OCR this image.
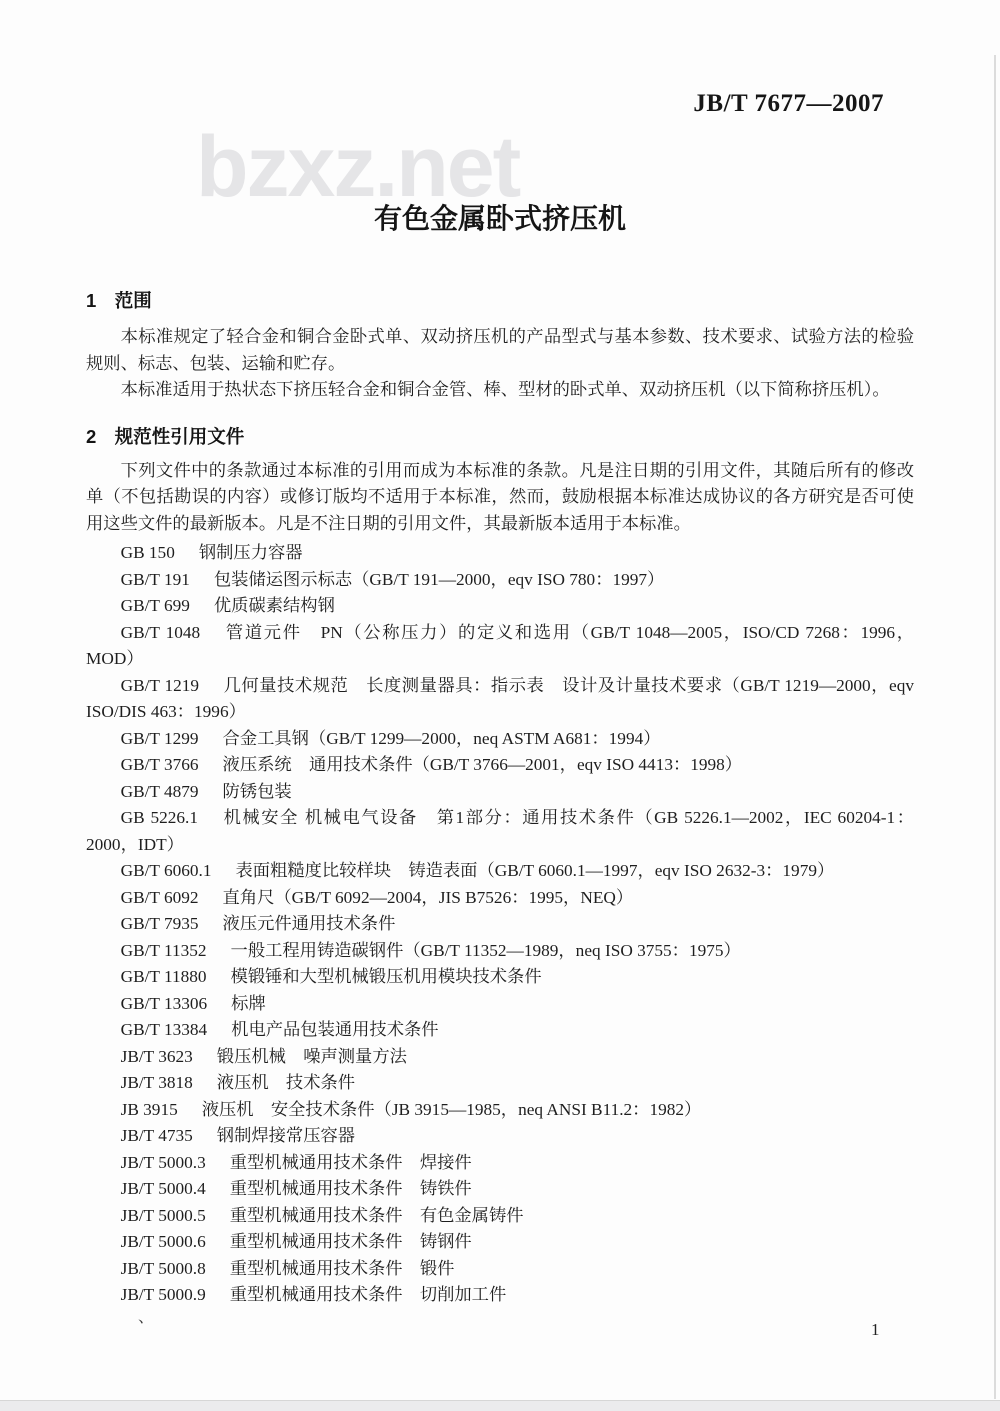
bzxz.net
JB/T 7677—2007
有色金属卧式挤压机
1　范围

本标准规定了轻合金和铜合金卧式单、双动挤压机的产品型式与基本参数、技术要求、试验方法的检验规则、标志、包装、运输和贮存。

本标准适用于热状态下挤压轻合金和铜合金管、棒、型材的卧式单、双动挤压机（以下简称挤压机）。

2　规范性引用文件

下列文件中的条款通过本标准的引用而成为本标准的条款。凡是注日期的引用文件，其随后所有的修改单（不包括勘误的内容）或修订版均不适用于本标准，然而，鼓励根据本标准达成协议的各方研究是否可使用这些文件的最新版本。凡是不注日期的引用文件，其最新版本适用于本标准。

GB 150 钢制压力容器

GB/T 191 包装储运图示标志（GB/T 191—2000，eqv ISO 780：1997）

GB/T 699 优质碳素结构钢

GB/T 1048 管道元件　PN（公称压力）的定义和选用（GB/T 1048—2005，ISO/CD 7268：1996，MOD）

GB/T 1219 几何量技术规范　长度测量器具：指示表　设计及计量技术要求（GB/T 1219—2000，eqv ISO/DIS 463：1996）

GB/T 1299 合金工具钢（GB/T 1299—2000，neq ASTM A681：1994）

GB/T 3766 液压系统　通用技术条件（GB/T 3766—2001，eqv ISO 4413：1998）

GB/T 4879 防锈包装

GB 5226.1 机械安全 机械电气设备　第1部分：通用技术条件（GB 5226.1—2002，IEC 60204-1：2000，IDT）

GB/T 6060.1 表面粗糙度比较样块　铸造表面（GB/T 6060.1—1997，eqv ISO 2632-3：1979）

GB/T 6092 直角尺（GB/T 6092—2004，JIS B7526：1995，NEQ）

GB/T 7935 液压元件通用技术条件

GB/T 11352 一般工程用铸造碳钢件（GB/T 11352—1989，neq ISO 3755：1975）

GB/T 11880 模锻锤和大型机械锻压机用模块技术条件

GB/T 13306 标牌

GB/T 13384 机电产品包装通用技术条件

JB/T 3623 锻压机械　噪声测量方法

JB/T 3818 液压机　技术条件

JB 3915 液压机　安全技术条件（JB 3915—1985，neq ANSI B11.2：1982）

JB/T 4735 钢制焊接常压容器

JB/T 5000.3 重型机械通用技术条件　焊接件

JB/T 5000.4 重型机械通用技术条件　铸铁件

JB/T 5000.5 重型机械通用技术条件　有色金属铸件

JB/T 5000.6 重型机械通用技术条件　铸钢件

JB/T 5000.8 重型机械通用技术条件　锻件

JB/T 5000.9 重型机械通用技术条件　切削加工件

、
1
